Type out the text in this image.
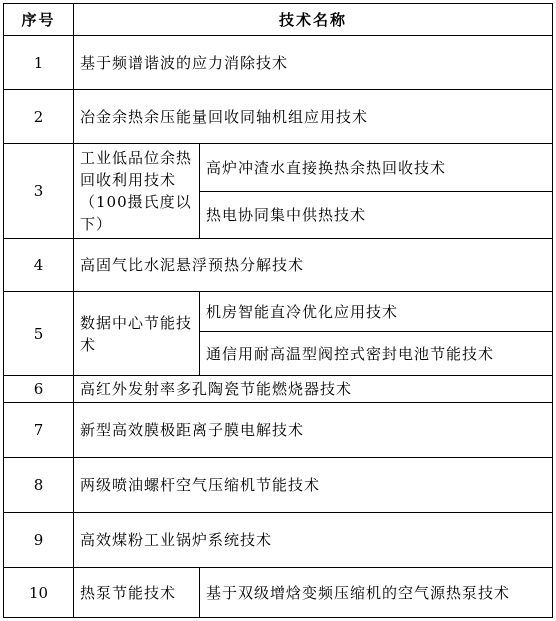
序号	技术名称	
1	基于频谱谐波的应力消除技术	
2	冶金余热余压能量回收同轴机组应用技术	
3	工业低品位余热回收利用技术（100摄氏度以下）	高炉冲渣水直接换热余热回收技术
		热电协同集中供热技术
4	高固气比水泥悬浮预热分解技术	
5	数据中心节能技术	机房智能直冷优化应用技术
		通信用耐高温型阀控式密封电池节能技术
6	高红外发射率多孔陶瓷节能燃烧器技术	
7	新型高效膜极距离子膜电解技术	
8	两级喷油螺杆空气压缩机节能技术	
9	高效煤粉工业锅炉系统技术	
10	热泵节能技术	基于双级增焓变频压缩机的空气源热泵技术
